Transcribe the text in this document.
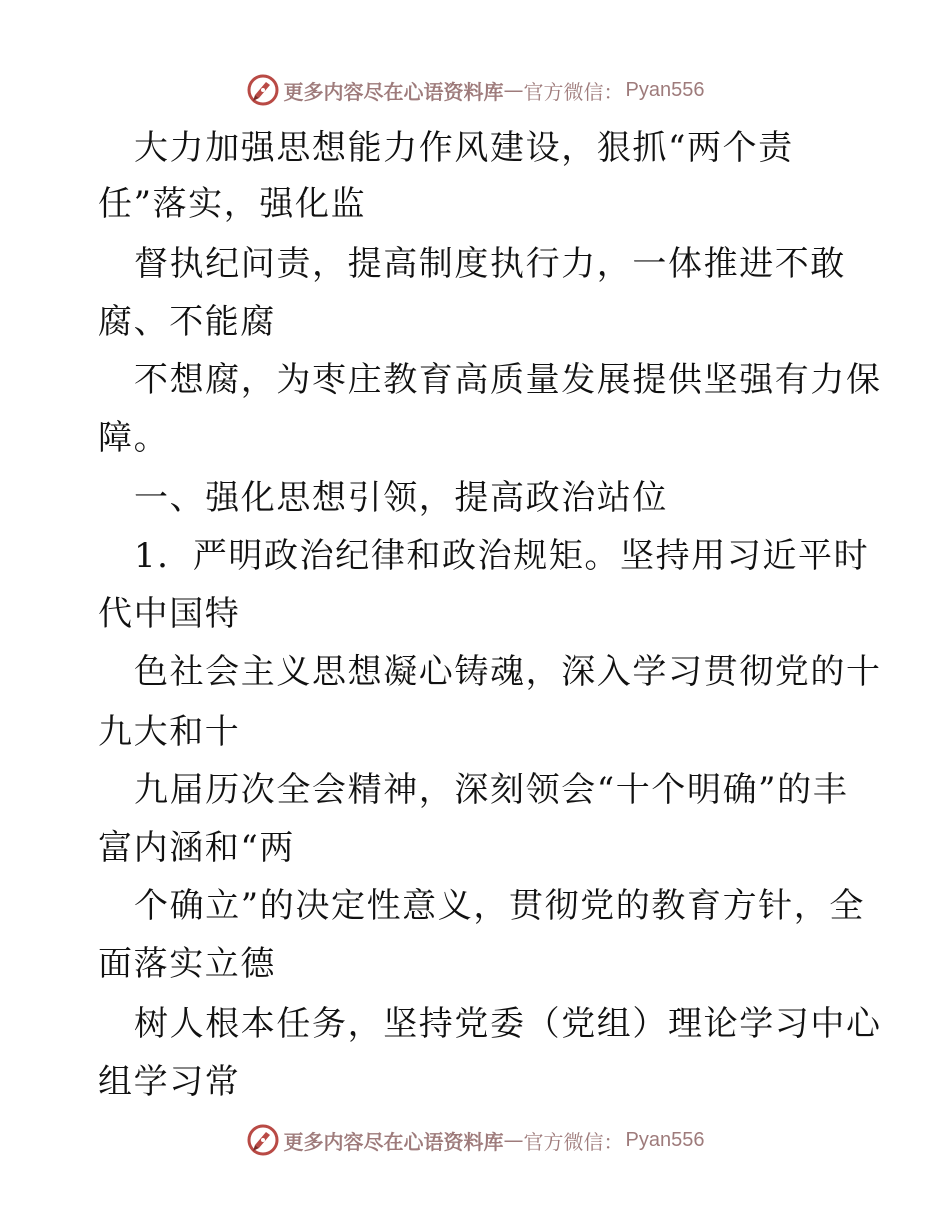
更多内容尽在心语资料库 — 官方微信： Pyan556
大力加强思想能力作风建设，狠抓“两个责
任”落实，强化监
督执纪问责，提高制度执行力，一体推进不敢
腐、不能腐
不想腐，为枣庄教育高质量发展提供坚强有力保
障。
一、强化思想引领，提高政治站位
1．严明政治纪律和政治规矩。坚持用习近平时
代中国特
色社会主义思想凝心铸魂，深入学习贯彻党的十
九大和十
九届历次全会精神，深刻领会“十个明确”的丰
富内涵和“两
个确立”的决定性意义，贯彻党的教育方针，全
面落实立德
树人根本任务，坚持党委（党组）理论学习中心
组学习常
更多内容尽在心语资料库 — 官方微信： Pyan556
